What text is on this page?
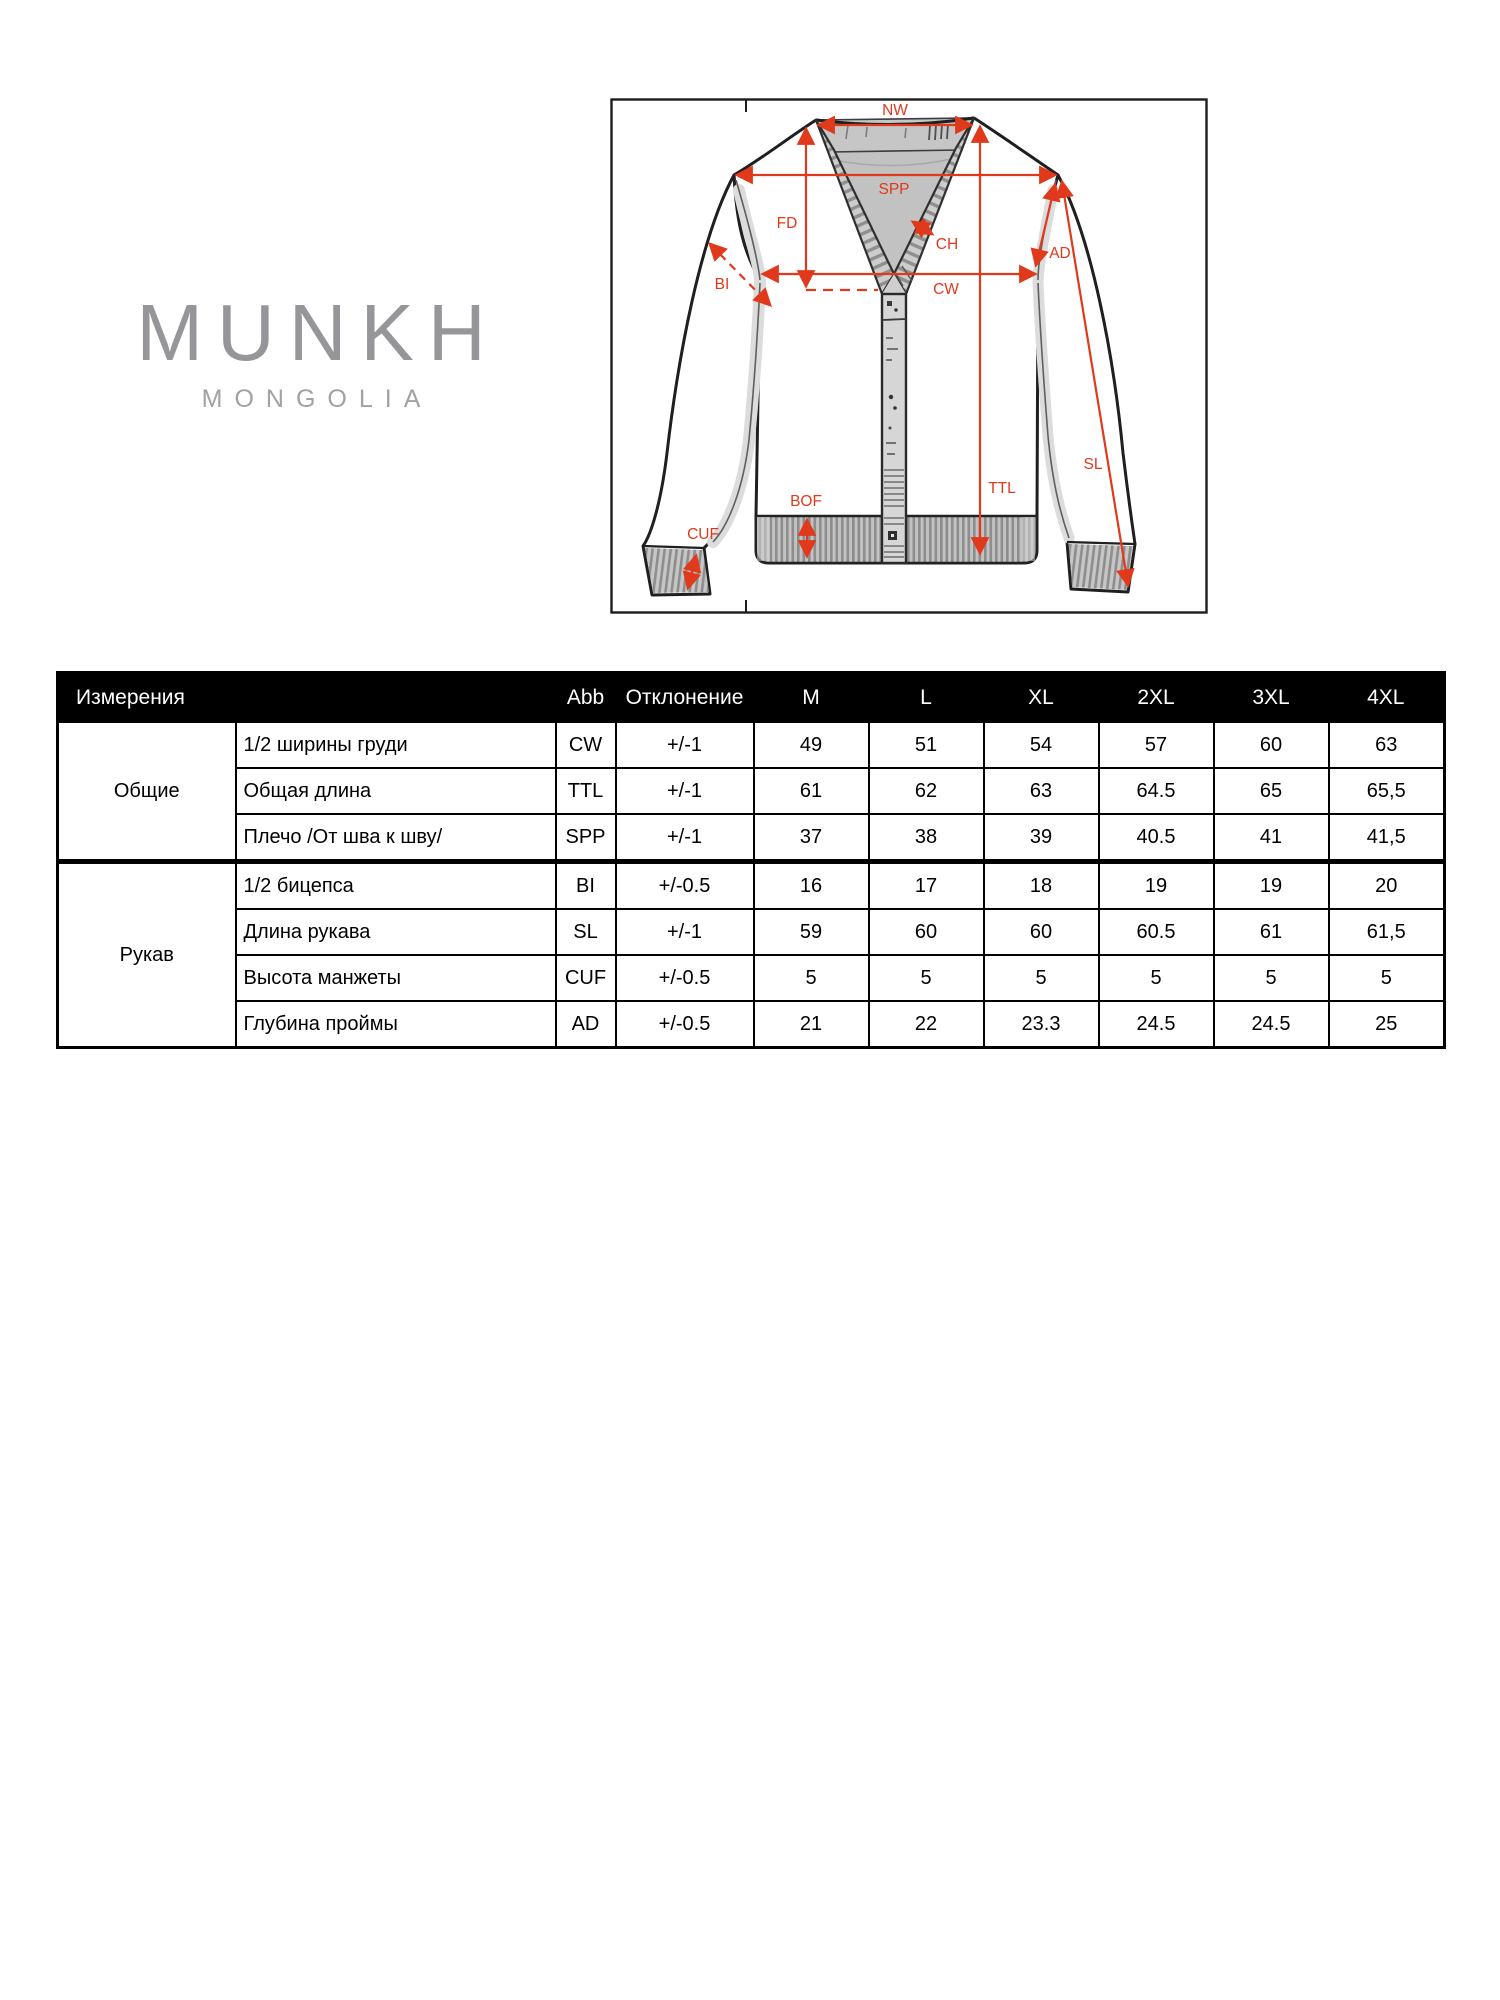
MUNKH
MONGOLIA
NW
SPP
FD
CH
CW
BI
AD
SL
TTL
BOF
CUF
Измерения		Abb	Отклонение	M	L	XL	2XL	3XL	4XL
Общие	1/2 ширины груди	CW	+/-1	49	51	54	57	60	63
	Общая длина	TTL	+/-1	61	62	63	64.5	65	65,5
	Плечо /От шва к шву/	SPP	+/-1	37	38	39	40.5	41	41,5
Рукав	1/2 бицепса	BI	+/-0.5	16	17	18	19	19	20
	Длина рукава	SL	+/-1	59	60	60	60.5	61	61,5
	Высота манжеты	CUF	+/-0.5	5	5	5	5	5	5
	Глубина проймы	AD	+/-0.5	21	22	23.3	24.5	24.5	25
